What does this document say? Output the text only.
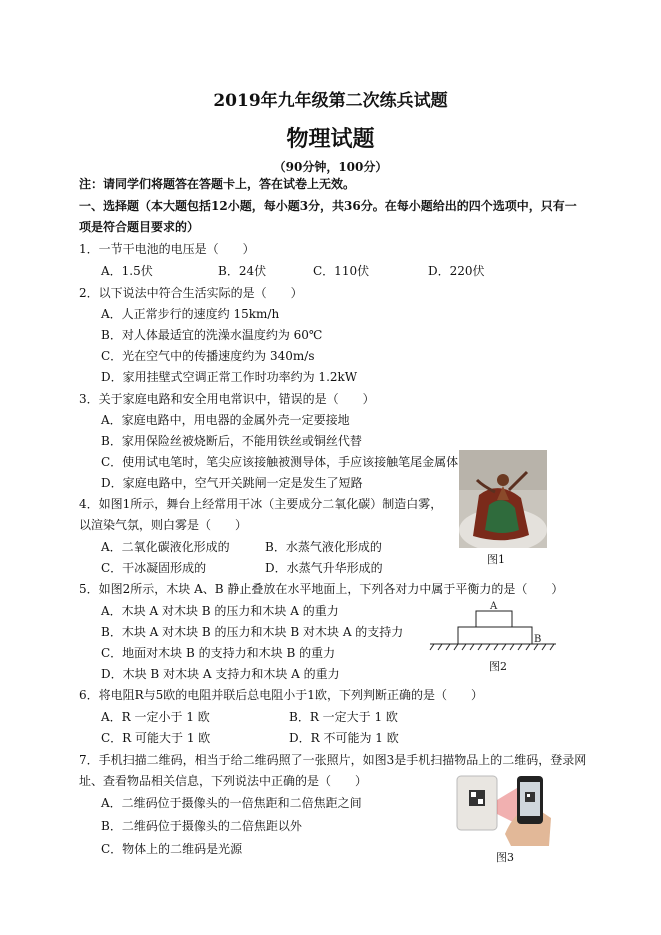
2019年九年级第二次练兵试题
物理试题
（90分钟，100分）
注：请同学们将题答在答题卡上，答在试卷上无效。
一、选择题（本大题包括12小题，每小题3分，共36分。在每小题给出的四个选项中，只有一
项是符合题目要求的）
1．一节干电池的电压是（　　）
A．1.5伏	B．24伏	C．110伏	D．220伏
2．以下说法中符合生活实际的是（　　）
A．人正常步行的速度约 15km/h
B．对人体最适宜的洗澡水温度约为 60℃
C．光在空气中的传播速度约为 340m/s
D．家用挂壁式空调正常工作时功率约为 1.2kW
3．关于家庭电路和安全用电常识中，错误的是（　　）
A．家庭电路中，用电器的金属外壳一定要接地
B．家用保险丝被烧断后，不能用铁丝或铜丝代替
C．使用试电笔时，笔尖应该接触被测导体，手应该接触笔尾金属体
D．家庭电路中，空气开关跳闸一定是发生了短路
4．如图1所示，舞台上经常用干冰（主要成分二氧化碳）制造白雾，
以渲染气氛，则白雾是（　　）
A．二氧化碳液化形成的	B．水蒸气液化形成的
C．干冰凝固形成的	D．水蒸气升华形成的
图1
5．如图2所示，木块 A、B 静止叠放在水平地面上，下列各对力中属于平衡力的是（　　）
A．木块 A 对木块 B 的压力和木块 A 的重力
B．木块 A 对木块 B 的压力和木块 B 对木块 A 的支持力
C．地面对木块 B 的支持力和木块 B 的重力
D．木块 B 对木块 A 支持力和木块 A 的重力
A
B
图2
6．将电阻R与5欧的电阻并联后总电阻小于1欧，下列判断正确的是（　　）
A．R 一定小于 1 欧	B．R 一定大于 1 欧
C．R 可能大于 1 欧	D．R 不可能为 1 欧
7．手机扫描二维码，相当于给二维码照了一张照片，如图3是手机扫描物品上的二维码，登录网
址、查看物品相关信息，下列说法中正确的是（　　）
A．二维码位于摄像头的一倍焦距和二倍焦距之间
B．二维码位于摄像头的二倍焦距以外
C．物体上的二维码是光源
图3
